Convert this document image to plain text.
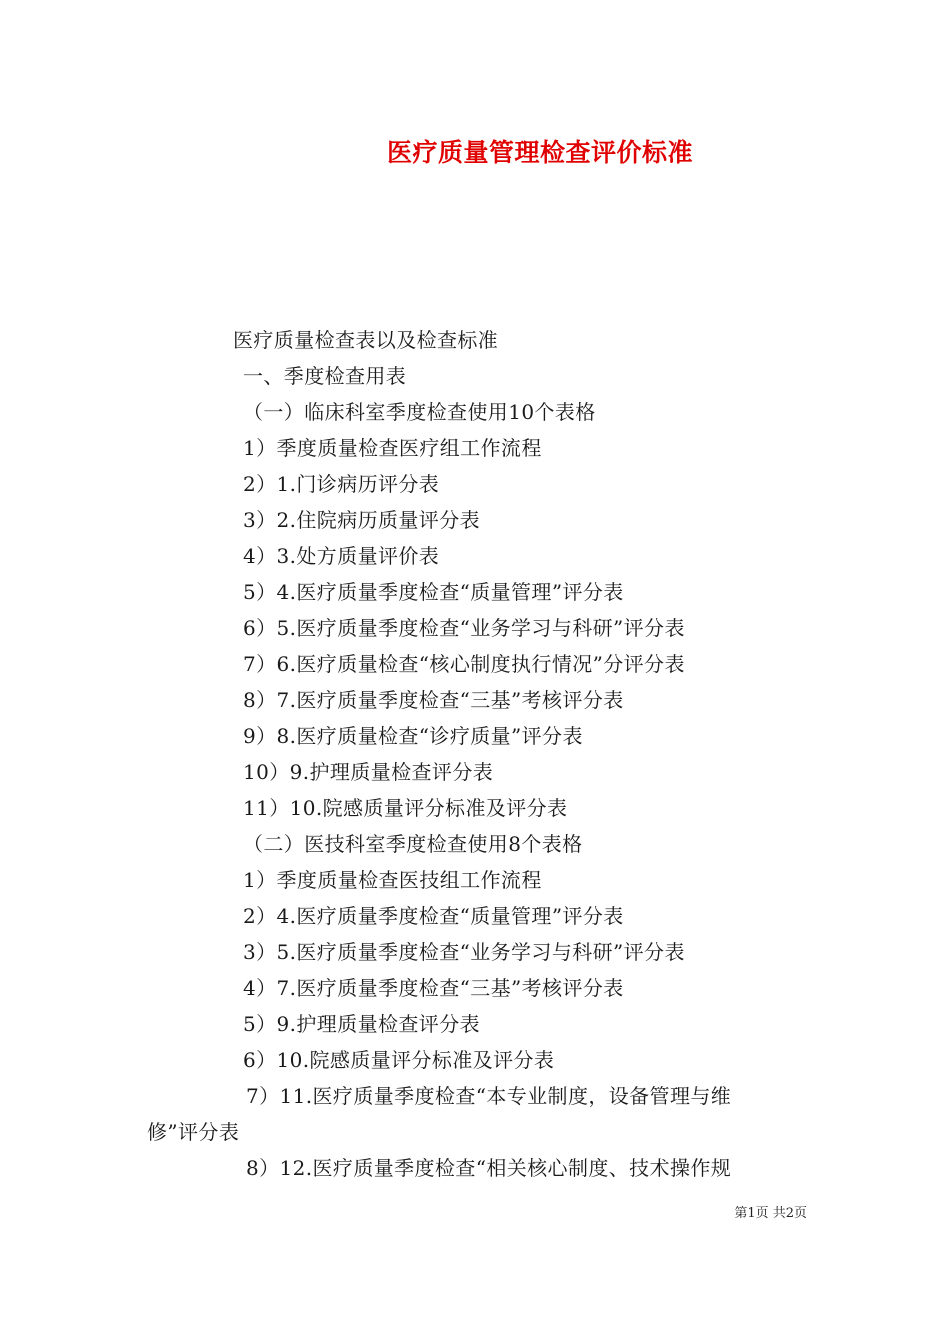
医疗质量管理检查评价标准
医疗质量检查表以及检查标准
一、季度检查用表
（一）临床科室季度检查使用10个表格
1）季度质量检查医疗组工作流程
2）1.门诊病历评分表
3）2.住院病历质量评分表
4）3.处方质量评价表
5）4.医疗质量季度检查“质量管理”评分表
6）5.医疗质量季度检查“业务学习与科研”评分表
7）6.医疗质量检查“核心制度执行情况”分评分表
8）7.医疗质量季度检查“三基”考核评分表
9）8.医疗质量检查“诊疗质量”评分表
10）9.护理质量检查评分表
11）10.院感质量评分标准及评分表
（二）医技科室季度检查使用8个表格
1）季度质量检查医技组工作流程
2）4.医疗质量季度检查“质量管理”评分表
3）5.医疗质量季度检查“业务学习与科研”评分表
4）7.医疗质量季度检查“三基”考核评分表
5）9.护理质量检查评分表
6）10.院感质量评分标准及评分表
7）11.医疗质量季度检查“本专业制度，设备管理与维
修”评分表
8）12.医疗质量季度检查“相关核心制度、技术操作规
第1页 共2页
